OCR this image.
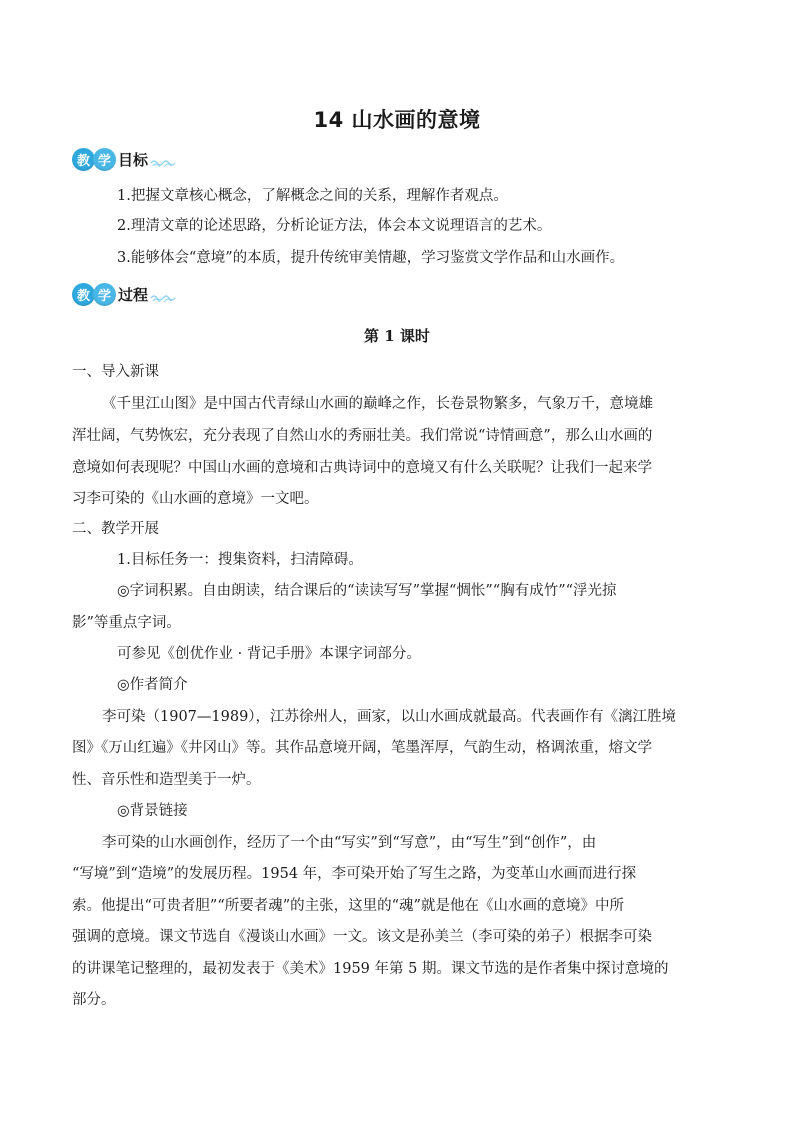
14 山水画的意境
教 学 目标
1.把握文章核心概念，了解概念之间的关系，理解作者观点。
2.理清文章的论述思路，分析论证方法，体会本文说理语言的艺术。
3.能够体会“意境”的本质，提升传统审美情趣，学习鉴赏文学作品和山水画作。
教 学 过程
第 1 课时
一、导入新课
《千里江山图》是中国古代青绿山水画的巅峰之作，长卷景物繁多，气象万千，意境雄
浑壮阔，气势恢宏，充分表现了自然山水的秀丽壮美。我们常说“诗情画意”，那么山水画的
意境如何表现呢？中国山水画的意境和古典诗词中的意境又有什么关联呢？让我们一起来学
习李可染的《山水画的意境》一文吧。
二、教学开展
1.目标任务一：搜集资料，扫清障碍。
◎字词积累。自由朗读，结合课后的“读读写写”掌握“惆怅”“胸有成竹”“浮光掠
影”等重点字词。
可参见《创优作业 · 背记手册》本课字词部分。
◎作者简介
李可染（1907—1989），江苏徐州人，画家，以山水画成就最高。代表画作有《漓江胜境
图》《万山红遍》《井冈山》等。其作品意境开阔，笔墨浑厚，气韵生动，格调浓重，熔文学
性、音乐性和造型美于一炉。
◎背景链接
李可染的山水画创作，经历了一个由“写实”到“写意”，由“写生”到“创作”，由
“写境”到“造境”的发展历程。1954 年，李可染开始了写生之路，为变革山水画而进行探
索。他提出“可贵者胆”“所要者魂”的主张，这里的“魂”就是他在《山水画的意境》中所
强调的意境。课文节选自《漫谈山水画》一文。该文是孙美兰（李可染的弟子）根据李可染
的讲课笔记整理的，最初发表于《美术》1959 年第 5 期。课文节选的是作者集中探讨意境的
部分。
